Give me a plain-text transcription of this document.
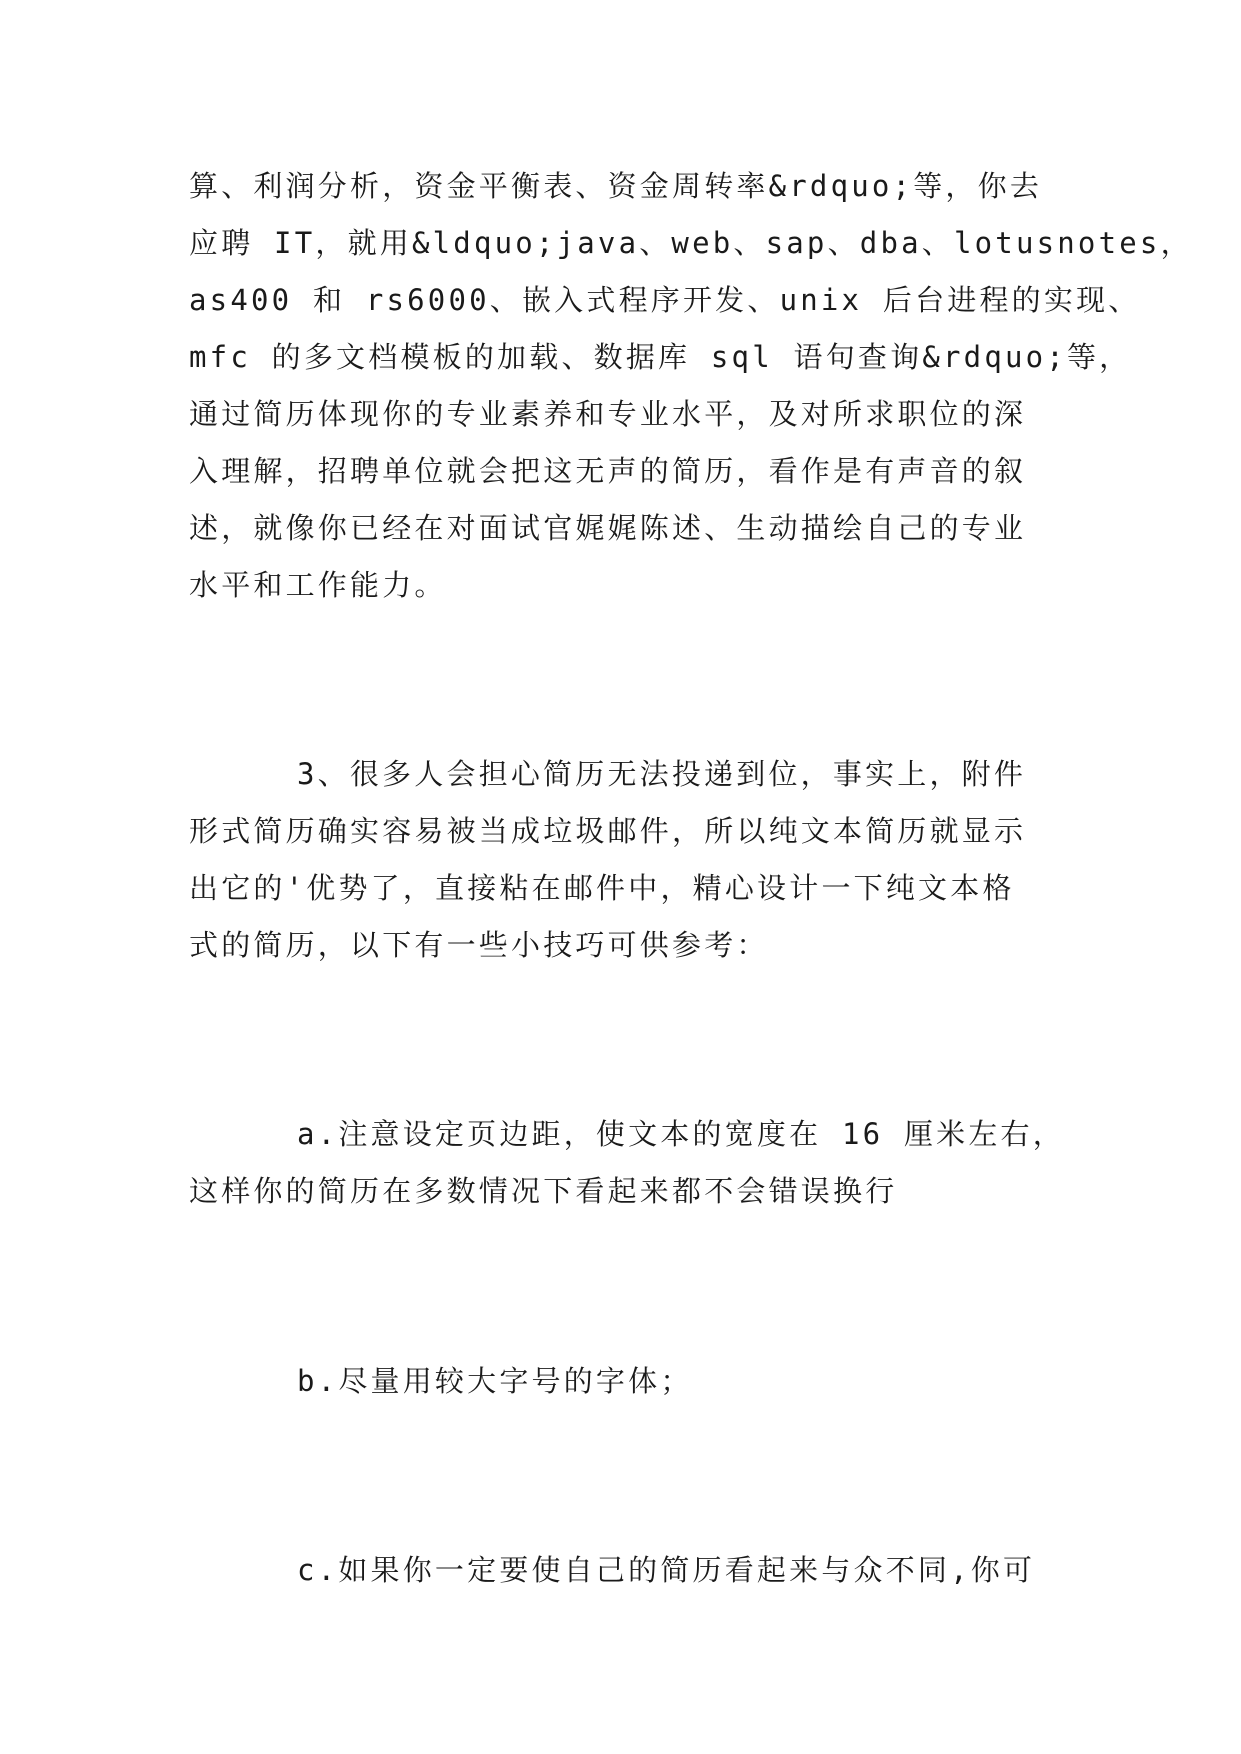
算、利润分析，资金平衡表、资金周转率&rdquo;等，你去
应聘 IT，就用&ldquo;java、web、sap、dba、lotusnotes，
as400 和 rs6000、嵌入式程序开发、unix 后台进程的实现、
mfc 的多文档模板的加载、数据库 sql 语句查询&rdquo;等，
通过简历体现你的专业素养和专业水平，及对所求职位的深
入理解，招聘单位就会把这无声的简历，看作是有声音的叙
述，就像你已经在对面试官娓娓陈述、生动描绘自己的专业
水平和工作能力。
3、很多人会担心简历无法投递到位，事实上，附件
形式简历确实容易被当成垃圾邮件，所以纯文本简历就显示
出它的'优势了，直接粘在邮件中，精心设计一下纯文本格
式的简历，以下有一些小技巧可供参考：
a.注意设定页边距，使文本的宽度在 16 厘米左右，
这样你的简历在多数情况下看起来都不会错误换行
b.尽量用较大字号的字体；
c.如果你一定要使自己的简历看起来与众不同,你可
